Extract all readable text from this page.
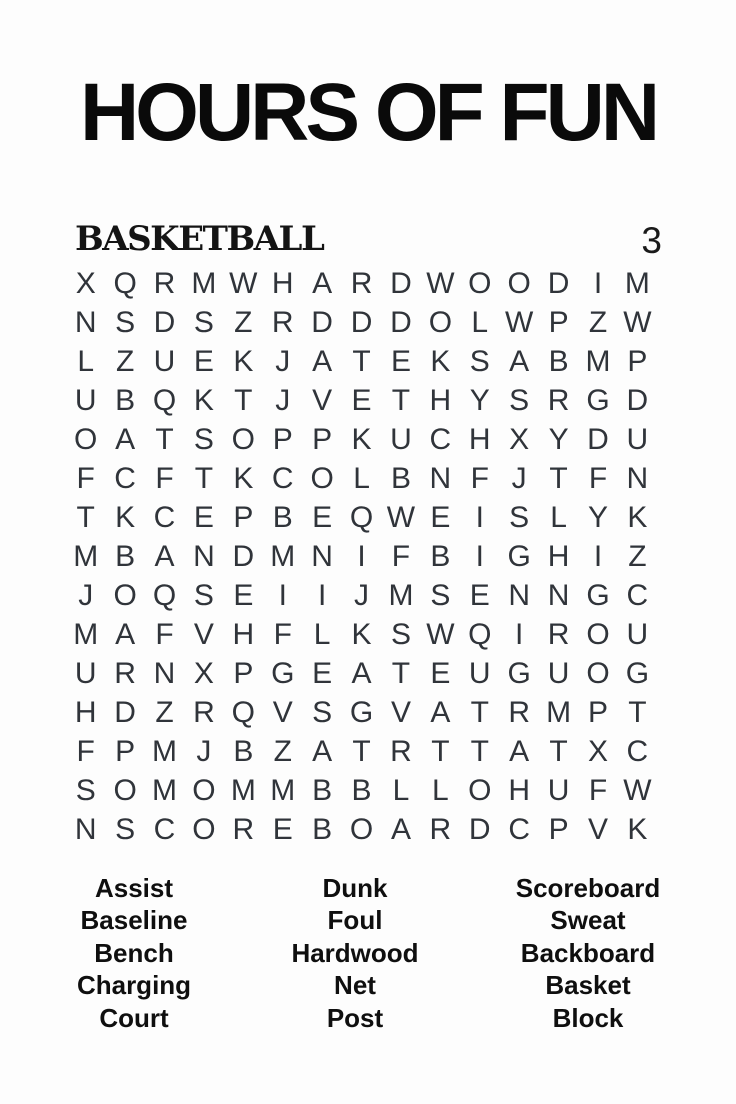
HOURS OF FUN
BASKETBALL	3
X Q R M W H A R D W O O D I M
N S D S Z R D D D O L W P Z W
L Z U E K J A T E K S A B M P
U B Q K T J V E T H Y S R G D
O A T S O P P K U C H X Y D U
F C F T K C O L B N F J T F N
T K C E P B E Q W E I S L Y K
M B A N D M N I F B I G H I Z
J O Q S E I	I J M S E N N G C
M A F V H F L K S W Q I R O U
U R N X P G E A T E U G U O G
H D Z R Q V S G V A T R M P T
F P M J B Z A T R T T A T X C
S O M O M M B B L L O H U F W
N S C O R E B O A R D C P V K
Assist
Baseline
Bench
Charging
Court
Dunk
Foul
Hardwood
Net
Post
Scoreboard
Sweat
Backboard
Basket
Block
